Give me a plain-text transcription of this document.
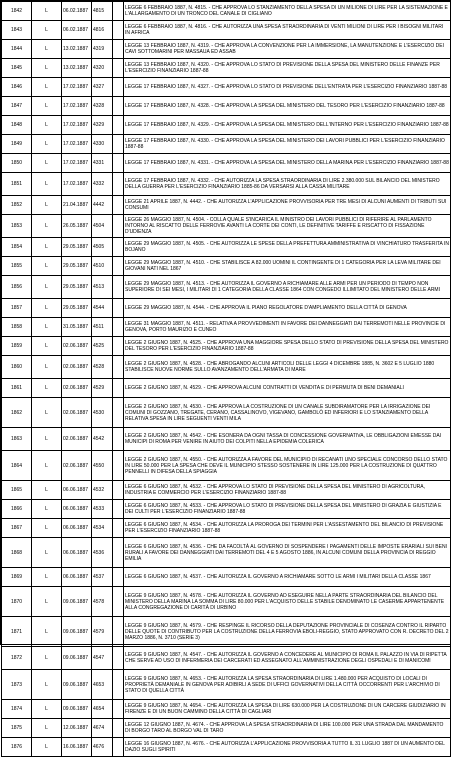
1842	L	06.02.1887	4815		LEGGE 6 FEBBRAIO 1887, N. 4815. - CHE APPROVA LO STANZIAMENTO DELLA SPESA DI UN MILIONE DI LIRE PER LA SISTEMAZIONE E L'ALLARGAMENTO DI UN TRONCO DEL CANALE DI CIGLIANO
1843	L	06.02.1887	4816		LEGGE 6 FEBBRAIO 1887, N. 4816. - CHE AUTORIZZA UNA SPESA STRAORDINARIA DI VENTI MILIONI DI LIRE PER I BISOGNI MILITARI IN AFRICA
1844	L	13.02.1887	4319		LEGGE 13 FEBBRAIO 1887, N. 4319. - CHE APPROVA LA CONVENZIONE PER LA IMMERSIONE, LA MANUTENZIONE E L'ESERCIZIO DEI CAVI SOTTOMARINI PER MASSAUA ED ASSAB
1845	L	13.02.1887	4320		LEGGE 13 FEBBRAIO 1887, N. 4320. - CHE APPROVA LO STATO DI PREVISIONE DELLA SPESA DEL MINISTERO DELLE FINANZE PER L'ESERCIZIO FINANZIARIO 1887-88
1846	L	17.02.1887	4327		LEGGE 17 FEBBRAIO 1887, N. 4327. - CHE APPROVA LO STATO DI PREVISIONE DELL'ENTRATA PER L'ESERCIZIO FINANZIARIO 1887-88
1847	L	17.02.1887	4328		LEGGE 17 FEBBRAIO 1887, N. 4328. - CHE APPROVA LA SPESA DEL MINISTERO DEL TESORO PER L'ESERCIZIO FINANZIARIO 1887-88
1848	L	17.02.1887	4329		LEGGE 17 FEBBRAIO 1887, N. 4329. - CHE APPROVA LA SPESA DEL MINISTERO DELL'INTERNO PER L'ESERCIZIO FINANZIARIO 1887-88
1849	L	17.02.1887	4330		LEGGE 17 FEBBRAIO 1887, N. 4330. - CHE APPROVA LA SPESA DEL MINISTERO DEI LAVORI PUBBLICI PER L'ESERCIZIO FINANZIARIO 1887-88
1850	L	17.02.1887	4331		LEGGE 17 FEBBRAIO 1887, N. 4331. - CHE APPROVA LA SPESA DEL MINISTERO DELLA MARINA PER L'ESERCIZIO FINANZIARIO 1887-88
1851	L	17.02.1887	4332		LEGGE 17 FEBBRAIO 1887, N. 4332. - CHE AUTORIZZA LA SPESA STRAORDINARIA DI LIRE 2.380.000 SUL BILANCIO DEL MINISTERO DELLA GUERRA PER L'ESERCIZIO FINANZIARIO 1885-86 DA VERSARSI ALLA CASSA MILITARE
1852	L	21.04.1887	4442		LEGGE 21 APRILE 1887, N. 4442. - CHE AUTORIZZA L'APPLICAZIONE PROVVISORIA PER TRE MESI DI ALCUNI AUMENTI DI TRIBUTI SUI CONSUMI
1853	L	26.05.1887	4504		LEGGE 26 MAGGIO 1887, N. 4504. - COLLA QUALE S'INCARICA IL MINISTRO DEI LAVORI PUBBLICI DI RIFERIRE AL PARLAMENTO INTORNO AL RISCATTO DELLE FERROVIE AVANTI LA CORTE DEI CONTI, LE DEFINITIVE TARIFFE E RISCATTO DI FISSAZIONE D'UDIENZA
1854	L	29.05.1887	4505		LEGGE 29 MAGGIO 1887, N. 4505. - CHE AUTORIZZA LE SPESE DELLA PREFETTURA AMMINISTRATIVA DI VINCHIATURO TRASFERITA IN BOJANO
1855	L	29.05.1887	4510		LEGGE 29 MAGGIO 1887, N. 4510. - CHE STABILISCE A 82.000 UOMINI IL CONTINGENTE DI 1 CATEGORIA PER LA LEVA MILITARE DEI GIOVANI NATI NEL 1867
1856	L	29.05.1887	4513		LEGGE 29 MAGGIO 1887, N. 4513. - CHE AUTORIZZA IL GOVERNO A RICHIAMARE ALLE ARMI PER UN PERIODO DI TEMPO NON SUPERIORE DI SEI MESI, I MILITARI DI 1 CATEGORIA DELLA CLASSE 1864 CON CONGEDO ILLIMITATO DEL MINISTERO DELLE ARMI
1857	L	29.05.1887	4544		LEGGE 29 MAGGIO 1887, N. 4544. - CHE APPROVA IL PIANO REGOLATORE D'AMPLIAMENTO DELLA CITTÀ DI GENOVA
1858	L	31.05.1887	4511		LEGGE 31 MAGGIO 1887, N. 4511. - RELATIVA A PROVVEDIMENTI IN FAVORE DEI DANNEGGIATI DAI TERREMOTI NELLE PROVINCIE DI GENOVA, PORTO MAURIZIO E CUNEO
1859	L	02.06.1887	4525		LEGGE 2 GIUGNO 1887, N. 4525. - CHE APPROVA UNA MAGGIORE SPESA DELLO STATO DI PREVISIONE DELLA SPESA DEL MINISTERO DEL TESORO PER L'ESERCIZIO FINANZIARIO 1887-88
1860	L	02.06.1887	4528		LEGGE 2 GIUGNO 1887, N. 4528. - CHE ABROGANDO ALCUNI ARTICOLI DELLE LEGGI 4 DICEMBRE 1885, N. 3602 E 5 LUGLIO 1880 STABILISCE NUOVE NORME SULLO AVANZAMENTO DELL'ARMATA DI MARE
1861	L	02.06.1887	4529		LEGGE 2 GIUGNO 1887, N. 4529. - CHE APPROVA ALCUNI CONTRATTI DI VENDITA E DI PERMUTA DI BENI DEMANIALI
1862	L	02.06.1887	4530		LEGGE 2 GIUGNO 1887, N. 4530. - CHE APPROVA LA COSTRUZIONE DI UN CANALE SUBDIRAMATORE PER LA IRRIGAZIONE DEI COMUNI DI GOZZANO, TREGATE, CERANO, CASSALINOVO, VIGEVANO, GAMBOLÒ ED INFERIORI E LO STANZIAMENTO DELLA RELATIVA SPESA IN LIRE SEGUENTI VENTI MILA
1863	L	02.06.1887	4542		LEGGE 2 GIUGNO 1887, N. 4542. - CHE ESONERA DA OGNI TASSA DI CONCESSIONE GOVERNATIVA, LE OBBLIGAZIONI EMESSE DAI MUNICIPI DI ROMA PER VENIRE IN AIUTO DEI COLPITI NELLA EPIDEMIA COLERICA
1864	L	02.06.1887	4550		LEGGE 2 GIUGNO 1887, N. 4550. - CHE AUTORIZZA A FAVORE DEL MUNICIPIO DI RECANATI UNO SPECIALE CONCORSO DELLO STATO IN LIRE 50.000 PER LA SPESA CHE DEVE IL MUNICIPIO STESSO SOSTENERE IN LIRE 125.000 PER LA COSTRUZIONE DI QUATTRO PENNELLI IN DIFESA DELLA SPIAGGIA
1865	L	06.06.1887	4532		LEGGE 6 GIUGNO 1887, N. 4532. - CHE APPROVA LO STATO DI PREVISIONE DELLA SPESA DEL MINISTERO DI AGRICOLTURA, INDUSTRIA E COMMERCIO PER L'ESERCIZIO FINANZIARIO 1887-88
1866	L	06.06.1887	4533		LEGGE 6 GIUGNO 1887, N. 4533. - CHE APPROVA LO STATO DI PREVISIONE DELLA SPESA DEL MINISTERO DI GRAZIA E GIUSTIZIA E DEI CULTI PER L'ESERCIZIO FINANZIARIO 1887-88
1867	L	06.06.1887	4534		LEGGE 6 GIUGNO 1887, N. 4534. - CHE AUTORIZZA LA PROROGA DEI TERMINI PER L'ASSESTAMENTO DEL BILANCIO DI PREVISIONE PER L'ESERCIZIO FINANZIARIO 1887-88
1868	L	06.06.1887	4536		LEGGE 6 GIUGNO 1887, N. 4536. - CHE DA FACOLTÀ AL GOVERNO DI SOSPENDERE I PAGAMENTI DELLE IMPOSTE ERARIALI SUI BENI RURALI A FAVORE DEI DANNEGGIATI DAI TERREMOTI DEL 4 E 5 AGOSTO 1886, IN ALCUNI COMUNI DELLA PROVINCIA DI REGGIO EMILIA
1869	L	06.06.1887	4537		LEGGE 6 GIUGNO 1887, N. 4537. - CHE AUTORIZZA IL GOVERNO A RICHIAMARE SOTTO LE ARMI I MILITARI DELLA CLASSE 1867
1870	L	09.06.1887	4578		LEGGE 9 GIUGNO 1887, N. 4578. - CHE AUTORIZZA IL GOVERNO AD ESEGUIRE NELLA PARTE STRAORDINARIA DEL BILANCIO DEL MINISTERO DELLA MARINA LA SOMMA DI LIRE 80.000 PER L'ACQUISTO DELLE STABILE DENOMINATO LE CASERME APPARTENENTE ALLA CONGREGAZIONE DI CARITÀ DI URBINO
1871	L	09.06.1887	4579		LEGGE 9 GIUGNO 1887, N. 4579. - CHE RESPINGE IL RICORSO DELLA DEPUTAZIONE PROVINCIALE DI COSENZA CONTRO IL RIPARTO DELLE QUOTE DI CONTRIBUTO PER LA COSTRUZIONE DELLA FERROVIA EBOLI-REGGIO, STATO APPROVATO CON R. DECRETO DEL 2 MARZO 1886, N. 3710 (SERIE 3)
1872	L	09.06.1887	4547		LEGGE 9 GIUGNO 1887, N. 4547. - CHE AUTORIZZA IL GOVERNO A CONCEDERE AL MUNICIPIO DI ROMA IL PALAZZO IN VIA DI RIPETTA CHE SERVE AD USO DI INFERMERIA DEI CARCERATI ED ASSEGNATO ALL'AMMINISTRAZIONE DEGLI OSPEDALI E DI MANICOMI
1873	L	09.06.1887	4653		LEGGE 9 GIUGNO 1887, N. 4653. - CHE AUTORIZZA LA SPESA STRAORDINARIA DI LIRE 1.480.000 PER ACQUISTO DI LOCALI DI PROPRIETÀ DEMANIALE IN GENOVA PER ADIBIRLI A SEDE DI UFFICI GOVERNATIVI DELLA CITTÀ OCCORRENTI PER L'ARCHIVIO DI STATO DI QUELLA CITTÀ
1874	L	09.06.1887	4654		LEGGE 9 GIUGNO 1887, N. 4654. - CHE AUTORIZZA LA SPESA DI LIRE 630.000 PER LA COSTRUZIONE DI UN CARCERE GIUDIZIARIO IN FIRENZE E DI UN BUON CAMMINO DELLA CITTÀ DI CAGLIARI
1875	L	12.06.1887	4674		LEGGE 12 GIUGNO 1887, N. 4674. - CHE APPROVA LA SPESA STRAORDINARIA DI LIRE 100.000 PER UNA STRADA DAL MANDAMENTO DI BORGO TARO AL BORGO VAL DI TARO
1876	L	16.06.1887	4676		LEGGE 16 GIUGNO 1887, N. 4676. - CHE AUTORIZZA L'APPLICAZIONE PROVVISORIA A TUTTO IL 31 LUGLIO 1887 DI UN AUMENTO DEL DAZIO SUGLI SPIRITI
